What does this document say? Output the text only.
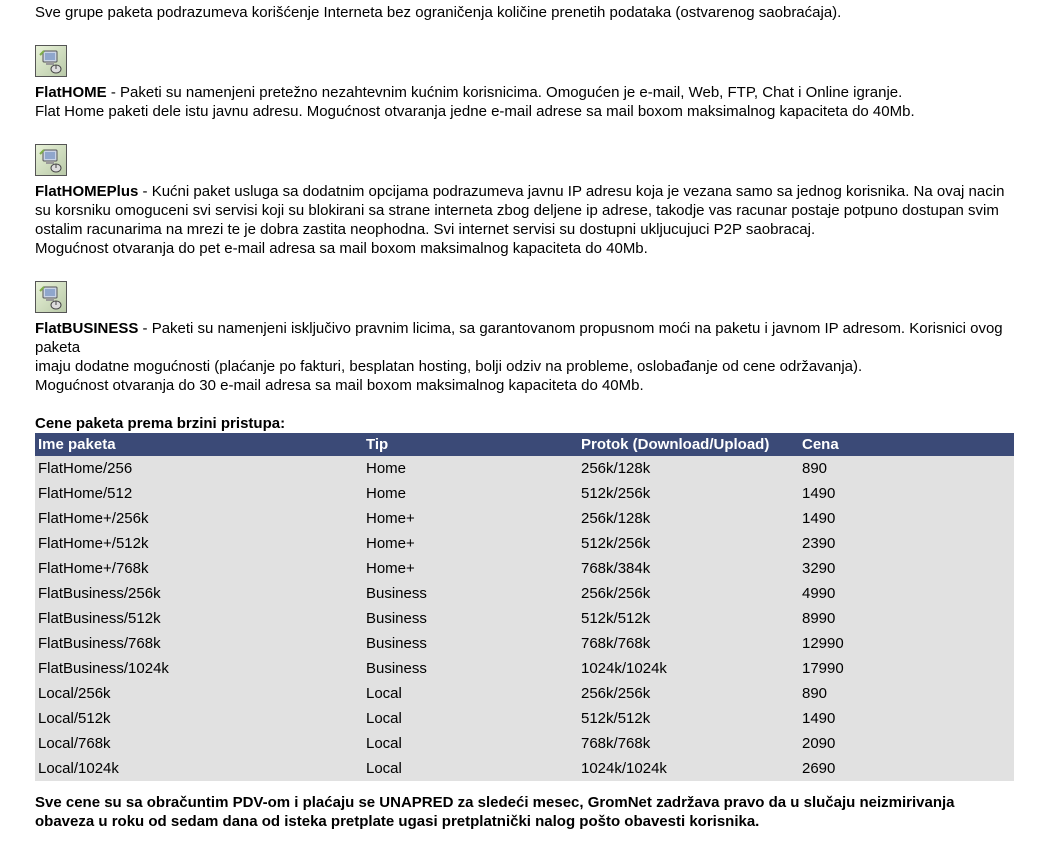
Sve grupe paketa podrazumeva korišćenje Interneta bez ograničenja količine prenetih podataka (ostvarenog saobraćaja).

FlatHOME - Paketi su namenjeni pretežno nezahtevnim kućnim korisnicima. Omogućen je e-mail, Web, FTP, Chat i Online igranje.

Flat Home paketi dele istu javnu adresu. Mogućnost otvaranja jedne e-mail adrese sa mail boxom maksimalnog kapaciteta do 40Mb.

FlatHOMEPlus - Kućni paket usluga sa dodatnim opcijama podrazumeva javnu IP adresu koja je vezana samo sa jednog korisnika. Na ovaj nacin su korsniku omoguceni svi servisi koji su blokirani sa strane interneta zbog deljene ip adrese, takodje vas racunar postaje potpuno dostupan svim ostalim racunarima na mrezi te je dobra zastita neophodna. Svi internet servisi su dostupni ukljucujuci P2P saobracaj.

Mogućnost otvaranja do pet e-mail adresa sa mail boxom maksimalnog kapaciteta do 40Mb.

FlatBUSINESS - Paketi su namenjeni isključivo pravnim licima, sa garantovanom propusnom moći na paketu i javnom IP adresom. Korisnici ovog paketa

imaju dodatne mogućnosti (plaćanje po fakturi, besplatan hosting, bolji odziv na probleme, oslobađanje od cene održavanja).

Mogućnost otvaranja do 30 e-mail adresa sa mail boxom maksimalnog kapaciteta do 40Mb.

Cene paketa prema brzini pristupa:

Ime paketa	Tip	Protok (Download/Upload)	Cena
FlatHome/256	Home	256k/128k	890
FlatHome/512	Home	512k/256k	1490
FlatHome+/256k	Home+	256k/128k	1490
FlatHome+/512k	Home+	512k/256k	2390
FlatHome+/768k	Home+	768k/384k	3290
FlatBusiness/256k	Business	256k/256k	4990
FlatBusiness/512k	Business	512k/512k	8990
FlatBusiness/768k	Business	768k/768k	12990
FlatBusiness/1024k	Business	1024k/1024k	17990
Local/256k	Local	256k/256k	890
Local/512k	Local	512k/512k	1490
Local/768k	Local	768k/768k	2090
Local/1024k	Local	1024k/1024k	2690

Sve cene su sa obračuntim PDV-om i plaćaju se UNAPRED za sledeći mesec, GromNet zadržava pravo da u slučaju neizmirivanja obaveza u roku od sedam dana od isteka pretplate ugasi pretplatnički nalog pošto obavesti korisnika.
